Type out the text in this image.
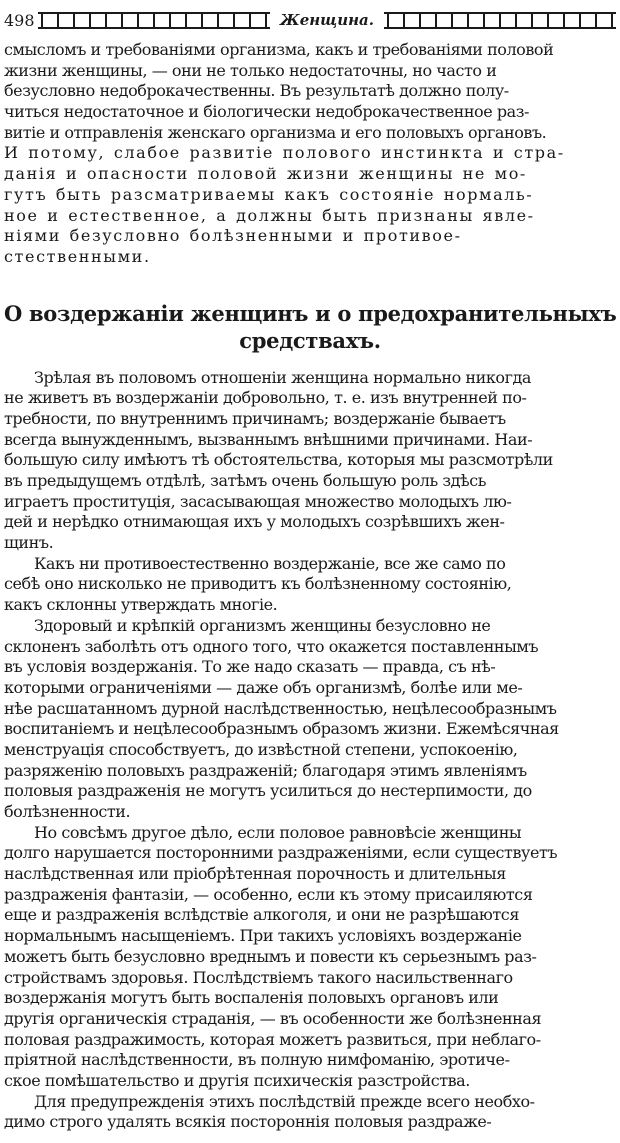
498	Женщина.
смысломъ и требованіями организма, какъ и требованіями половой
жизни женщины, — они не только недостаточны, но часто и
безусловно недоброкачественны. Въ результатѣ должно полу-
читься недостаточное и біологически недоброкачественное раз-
витіе и отправленія женскаго организма и его половыхъ органовъ.
И потому, слабое развитіе полового инстинкта и стра-
данія и опасности половой жизни женщины не мо-
гутъ быть разсматриваемы какъ состояніе нормаль-
ное и естественное, а должны быть признаны явле-
ніями безусловно болѣзненными и противое-
стественными.
О воздержаніи женщинъ и о предохранительныхъ
средствахъ.
Зрѣлая въ половомъ отношеніи женщина нормально никогда
не живетъ въ воздержаніи добровольно, т. е. изъ внутренней по-
требности, по внутреннимъ причинамъ; воздержаніе бываетъ
всегда вынужденнымъ, вызваннымъ внѣшними причинами. Наи-
большую силу имѣютъ тѣ обстоятельства, которыя мы разсмотрѣли
въ предыдущемъ отдѣлѣ, затѣмъ очень большую роль здѣсь
играетъ проституція, засасывающая множество молодыхъ лю-
дей и нерѣдко отнимающая ихъ у молодыхъ созрѣвшихъ жен-
щинъ.
Какъ ни противоестественно воздержаніе, все же само по
себѣ оно нисколько не приводитъ къ болѣзненному состоянію,
какъ склонны утверждать многіе.
Здоровый и крѣпкій организмъ женщины безусловно не
склоненъ заболѣть отъ одного того, что окажется поставленнымъ
въ условія воздержанія. То же надо сказать — правда, съ нѣ-
которыми ограниченіями — даже объ организмѣ, болѣе или ме-
нѣе расшатанномъ дурной наслѣдственностью, нецѣлесообразнымъ
воспитаніемъ и нецѣлесообразнымъ образомъ жизни. Ежемѣсячная
менструація способствуетъ, до извѣстной степени, успокоенію,
разряженію половыхъ раздраженій; благодаря этимъ явленіямъ
половыя раздраженія не могутъ усилиться до нестерпимости, до
болѣзненности.
Но совсѣмъ другое дѣло, если половое равновѣсіе женщины
долго нарушается посторонними раздраженіями, если существуетъ
наслѣдственная или пріобрѣтенная порочность и длительныя
раздраженія фантазіи, — особенно, если къ этому присаиляются
еще и раздраженія вслѣдствіе алкоголя, и они не разрѣшаются
нормальнымъ насыщеніемъ. При такихъ условіяхъ воздержаніе
можетъ быть безусловно вреднымъ и повести къ серьезнымъ раз-
стройствамъ здоровья. Послѣдствіемъ такого насильственнаго
воздержанія могутъ быть воспаленія половыхъ органовъ или
другія органическія страданія, — въ особенности же болѣзненная
половая раздражимость, которая можетъ развиться, при неблаго-
пріятной наслѣдственности, въ полную нимфоманію, эротиче-
ское помѣшательство и другія психическія разстройства.
Для предупрежденія этихъ послѣдствій прежде всего необхо-
димо строго удалять всякія постороннія половыя раздраже-
